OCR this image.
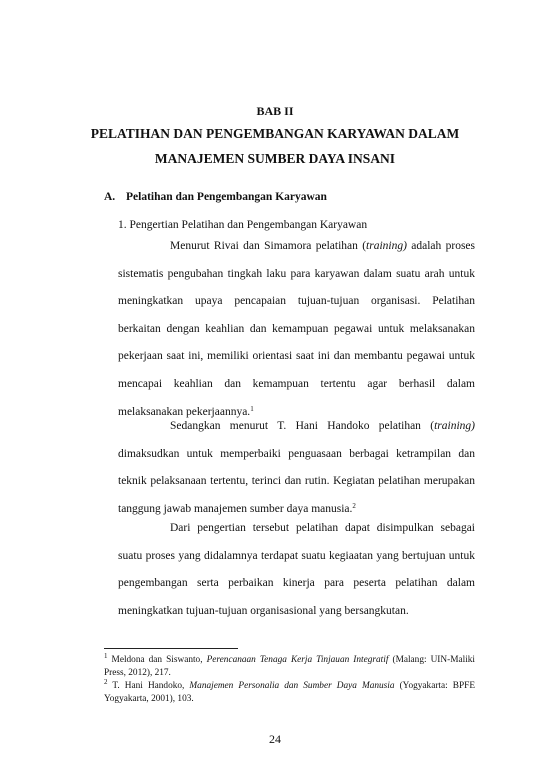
BAB II
PELATIHAN DAN PENGEMBANGAN KARYAWAN DALAM
MANAJEMEN SUMBER DAYA INSANI
A. Pelatihan dan Pengembangan Karyawan
1. Pengertian Pelatihan dan Pengembangan Karyawan

Menurut Rivai dan Simamora pelatihan (training) adalah proses sistematis pengubahan tingkah laku para karyawan dalam suatu arah untuk meningkatkan upaya pencapaian tujuan-tujuan organisasi. Pelatihan berkaitan dengan keahlian dan kemampuan pegawai untuk melaksanakan pekerjaan saat ini, memiliki orientasi saat ini dan membantu pegawai untuk mencapai keahlian dan kemampuan tertentu agar berhasil dalam melaksanakan pekerjaannya.$^1$

Sedangkan menurut T. Hani Handoko pelatihan (training) dimaksudkan untuk memperbaiki penguasaan berbagai ketrampilan dan teknik pelaksanaan tertentu, terinci dan rutin. Kegiatan pelatihan merupakan tanggung jawab manajemen sumber daya manusia.$^2$

Dari pengertian tersebut pelatihan dapat disimpulkan sebagai suatu proses yang didalamnya terdapat suatu kegiaatan yang bertujuan untuk pengembangan serta perbaikan kinerja para peserta pelatihan dalam meningkatkan tujuan-tujuan organisasional yang bersangkutan.

$^1$ Meldona dan Siswanto, Perencanaan Tenaga Kerja Tinjauan Integratif (Malang: UIN-Maliki Press, 2012), 217.

$^2$ T. Hani Handoko, Manajemen Personalia dan Sumber Daya Manusia (Yogyakarta: BPFE Yogyakarta, 2001), 103.

24
